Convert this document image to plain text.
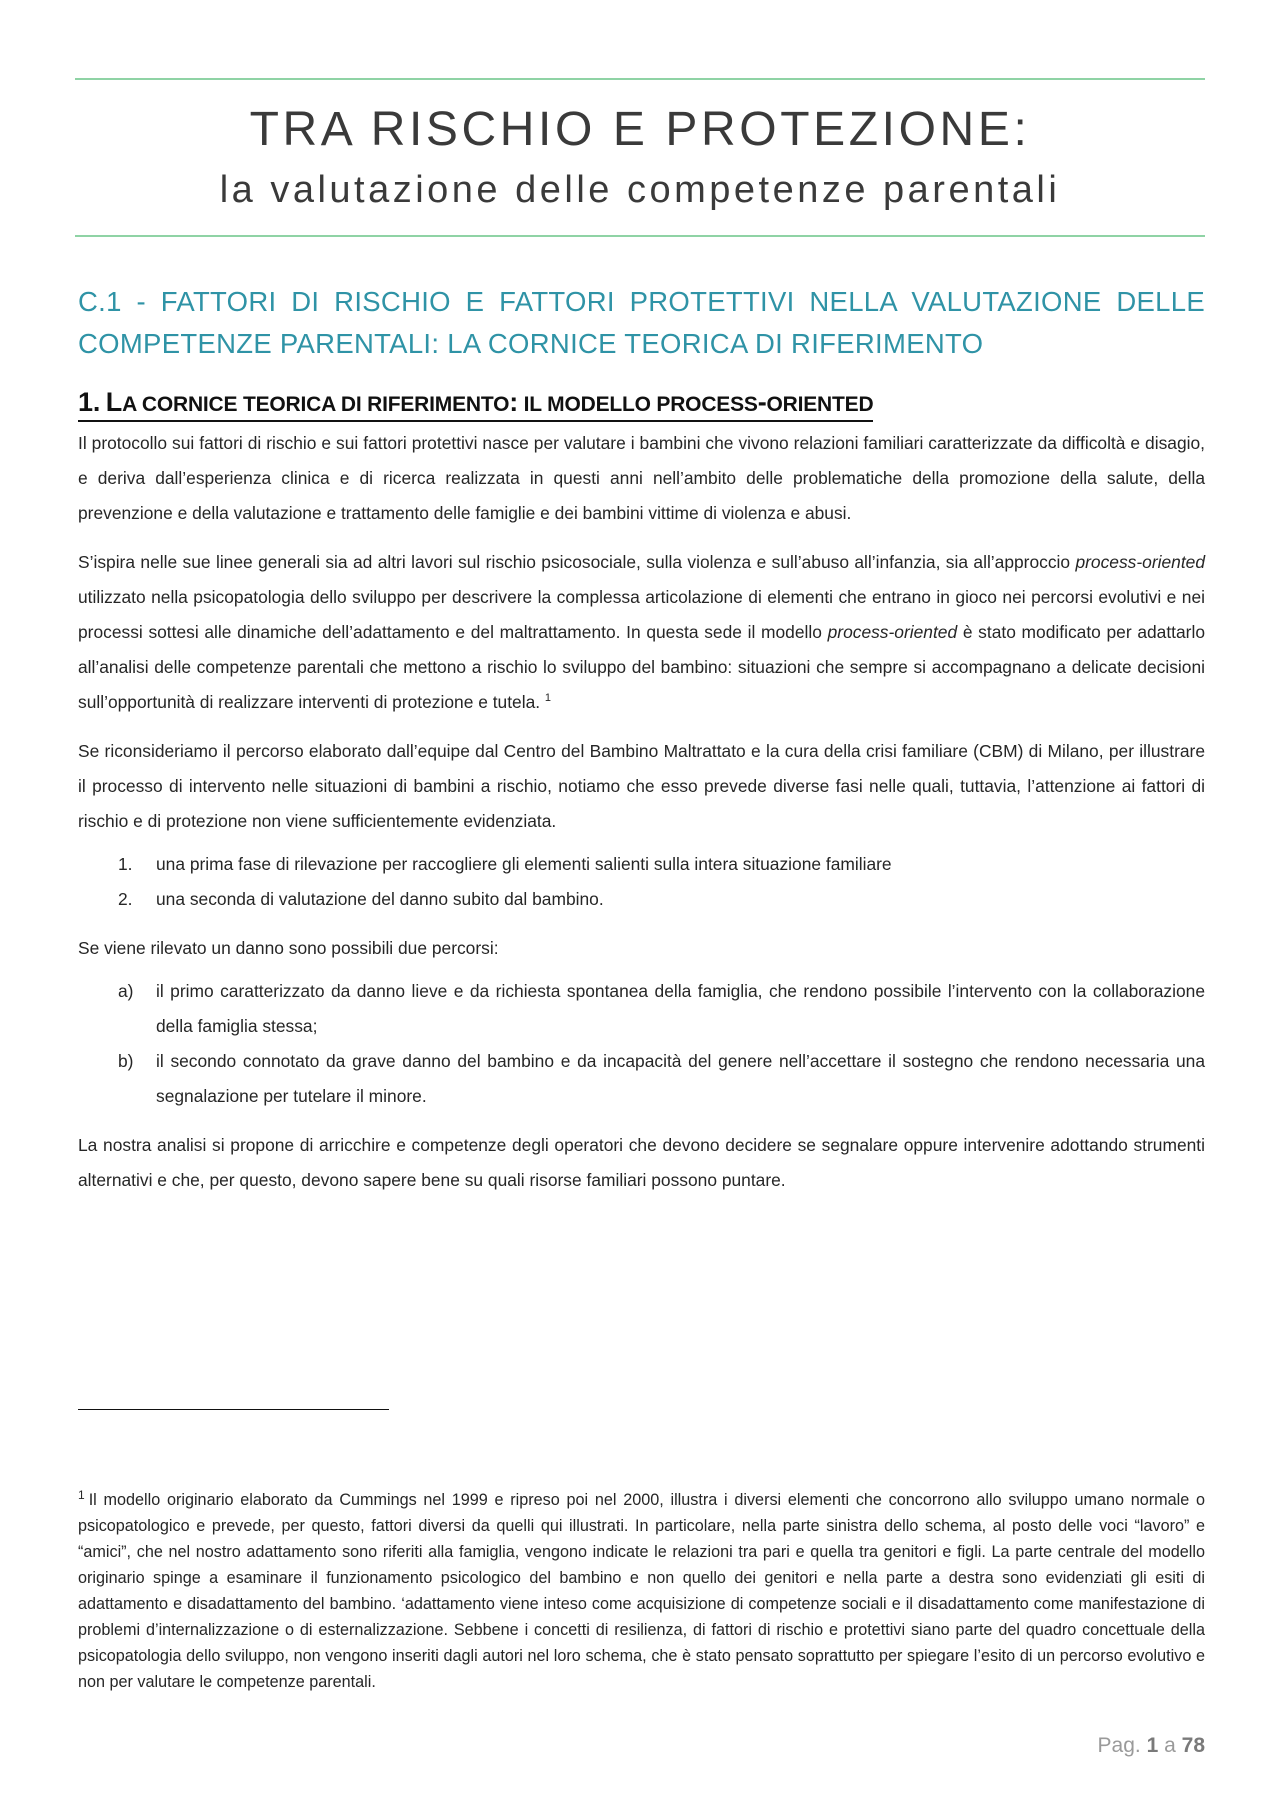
TRA RISCHIO E PROTEZIONE:
la valutazione delle competenze parentali
C.1 - FATTORI DI RISCHIO E FATTORI PROTETTIVI NELLA VALUTAZIONE DELLE COMPETENZE PARENTALI: LA CORNICE TEORICA DI RIFERIMENTO
1. LA CORNICE TEORICA DI RIFERIMENTO: IL MODELLO PROCESS-ORIENTED

Il protocollo sui fattori di rischio e sui fattori protettivi nasce per valutare i bambini che vivono relazioni familiari caratterizzate da difficoltà e disagio, e deriva dall’esperienza clinica e di ricerca realizzata in questi anni nell’ambito delle problematiche della promozione della salute, della prevenzione e della valutazione e trattamento delle famiglie e dei bambini vittime di violenza e abusi.

S’ispira nelle sue linee generali sia ad altri lavori sul rischio psicosociale, sulla violenza e sull’abuso all’infanzia, sia all’approccio process-oriented utilizzato nella psicopatologia dello sviluppo per descrivere la complessa articolazione di elementi che entrano in gioco nei percorsi evolutivi e nei processi sottesi alle dinamiche dell’adattamento e del maltrattamento. In questa sede il modello process-oriented è stato modificato per adattarlo all’analisi delle competenze parentali che mettono a rischio lo sviluppo del bambino: situazioni che sempre si accompagnano a delicate decisioni sull’opportunità di realizzare interventi di protezione e tutela. $^1$

Se riconsideriamo il percorso elaborato dall’equipe dal Centro del Bambino Maltrattato e la cura della crisi familiare (CBM) di Milano, per illustrare il processo di intervento nelle situazioni di bambini a rischio, notiamo che esso prevede diverse fasi nelle quali, tuttavia, l’attenzione ai fattori di rischio e di protezione non viene sufficientemente evidenziata.

1. una prima fase di rilevazione per raccogliere gli elementi salienti sulla intera situazione familiare
2. una seconda di valutazione del danno subito dal bambino.

Se viene rilevato un danno sono possibili due percorsi:

a) il primo caratterizzato da danno lieve e da richiesta spontanea della famiglia, che rendono possibile l’intervento con la collaborazione della famiglia stessa;
b) il secondo connotato da grave danno del bambino e da incapacità del genere nell’accettare il sostegno che rendono necessaria una segnalazione per tutelare il minore.

La nostra analisi si propone di arricchire e competenze degli operatori che devono decidere se segnalare oppure intervenire adottando strumenti alternativi e che, per questo, devono sapere bene su quali risorse familiari possono puntare.

$^1$ Il modello originario elaborato da Cummings nel 1999 e ripreso poi nel 2000, illustra i diversi elementi che concorrono allo sviluppo umano normale o psicopatologico e prevede, per questo, fattori diversi da quelli qui illustrati. In particolare, nella parte sinistra dello schema, al posto delle voci “lavoro” e “amici”, che nel nostro adattamento sono riferiti alla famiglia, vengono indicate le relazioni tra pari e quella tra genitori e figli. La parte centrale del modello originario spinge a esaminare il funzionamento psicologico del bambino e non quello dei genitori e nella parte a destra sono evidenziati gli esiti di adattamento e disadattamento del bambino. ‘adattamento viene inteso come acquisizione di competenze sociali e il disadattamento come manifestazione di problemi d’internalizzazione o di esternalizzazione. Sebbene i concetti di resilienza, di fattori di rischio e protettivi siano parte del quadro concettuale della psicopatologia dello sviluppo, non vengono inseriti dagli autori nel loro schema, che è stato pensato soprattutto per spiegare l’esito di un percorso evolutivo e non per valutare le competenze parentali.

Pag. 1 a 78
